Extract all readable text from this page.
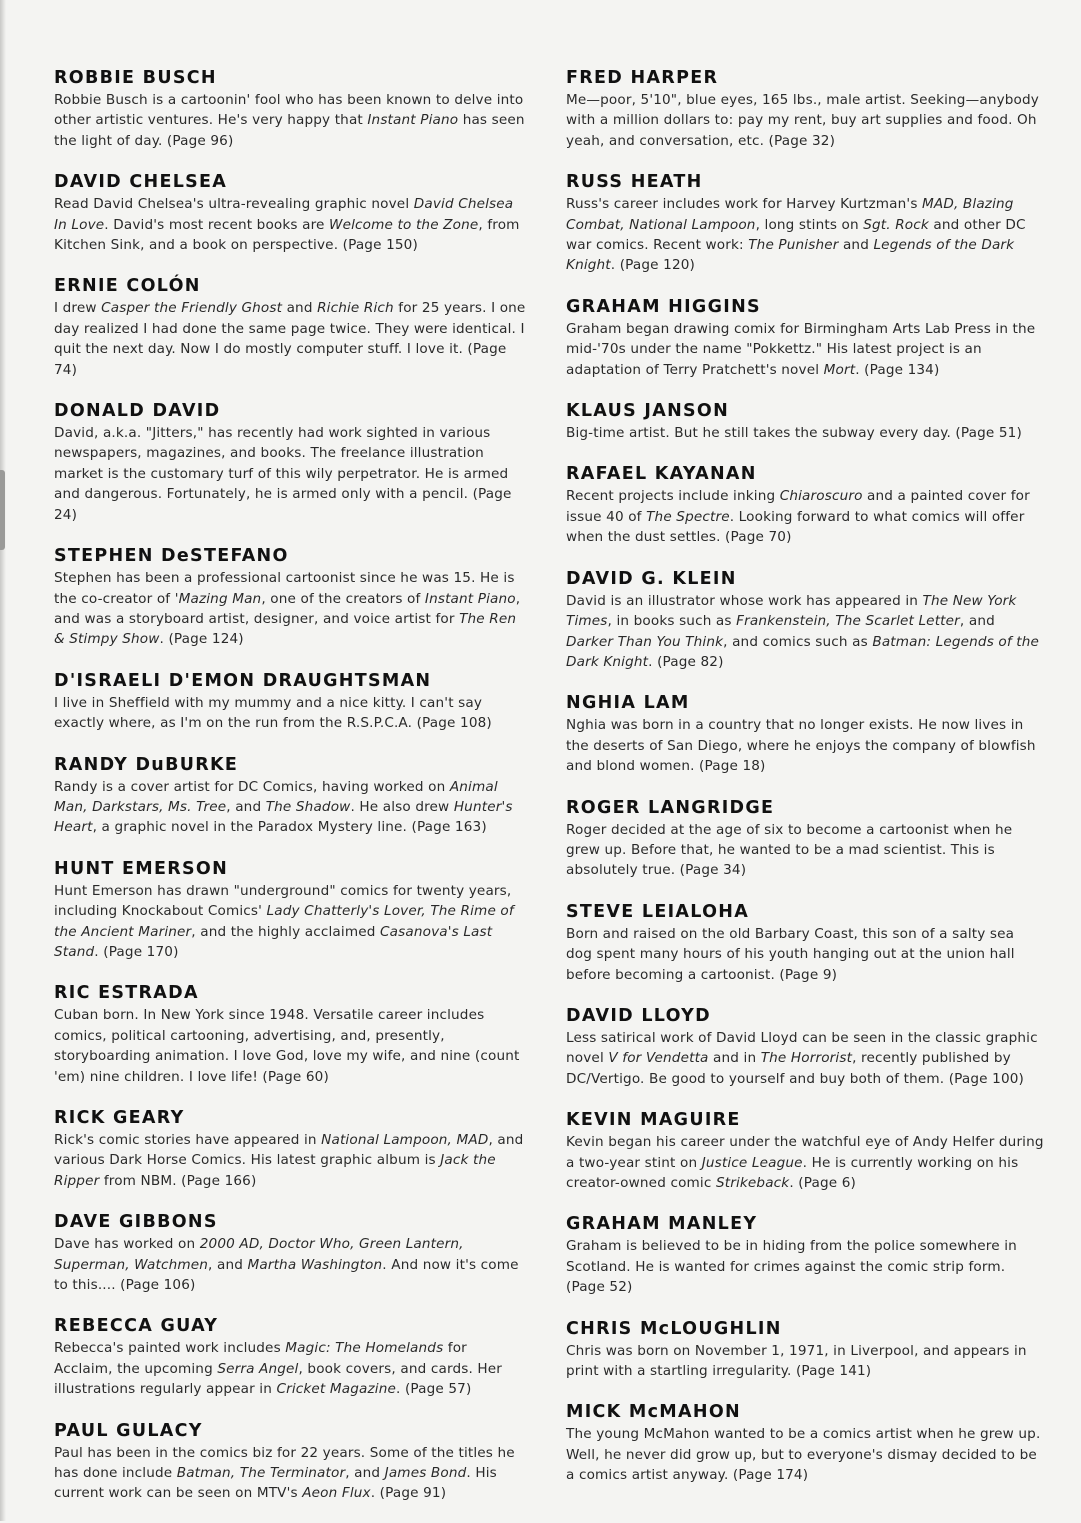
ROBBIE BUSCH

Robbie Busch is a cartoonin' fool who has been known to delve into other artistic ventures. He's very happy that Instant Piano has seen the light of day. (Page 96)

DAVID CHELSEA

Read David Chelsea's ultra-revealing graphic novel David Chelsea In Love. David's most recent books are Welcome to the Zone, from Kitchen Sink, and a book on perspective. (Page 150)

ERNIE COLÓN

I drew Casper the Friendly Ghost and Richie Rich for 25 years. I one day realized I had done the same page twice. They were identical. I quit the next day. Now I do mostly computer stuff. I love it. (Page 74)

DONALD DAVID

David, a.k.a. "Jitters," has recently had work sighted in various newspapers, magazines, and books. The freelance illustration market is the customary turf of this wily perpetrator. He is armed and dangerous. Fortunately, he is armed only with a pencil. (Page 24)

STEPHEN DeSTEFANO

Stephen has been a professional cartoonist since he was 15. He is the co-creator of 'Mazing Man, one of the creators of Instant Piano, and was a storyboard artist, designer, and voice artist for The Ren & Stimpy Show. (Page 124)

D'ISRAELI D'EMON DRAUGHTSMAN

I live in Sheffield with my mummy and a nice kitty. I can't say exactly where, as I'm on the run from the R.S.P.C.A. (Page 108)

RANDY DuBURKE

Randy is a cover artist for DC Comics, having worked on Animal Man, Darkstars, Ms. Tree, and The Shadow. He also drew Hunter's Heart, a graphic novel in the Paradox Mystery line. (Page 163)

HUNT EMERSON

Hunt Emerson has drawn "underground" comics for twenty years, including Knockabout Comics' Lady Chatterly's Lover, The Rime of the Ancient Mariner, and the highly acclaimed Casanova's Last Stand. (Page 170)

RIC ESTRADA

Cuban born. In New York since 1948. Versatile career includes comics, political cartooning, advertising, and, presently, storyboarding animation. I love God, love my wife, and nine (count 'em) nine children. I love life! (Page 60)

RICK GEARY

Rick's comic stories have appeared in National Lampoon, MAD, and various Dark Horse Comics. His latest graphic album is Jack the Ripper from NBM. (Page 166)

DAVE GIBBONS

Dave has worked on 2000 AD, Doctor Who, Green Lantern, Superman, Watchmen, and Martha Washington. And now it's come to this.... (Page 106)

REBECCA GUAY

Rebecca's painted work includes Magic: The Homelands for Acclaim, the upcoming Serra Angel, book covers, and cards. Her illustrations regularly appear in Cricket Magazine. (Page 57)

PAUL GULACY

Paul has been in the comics biz for 22 years. Some of the titles he has done include Batman, The Terminator, and James Bond. His current work can be seen on MTV's Aeon Flux. (Page 91)

FRED HARPER

Me—poor, 5'10", blue eyes, 165 lbs., male artist. Seeking—anybody with a million dollars to: pay my rent, buy art supplies and food. Oh yeah, and conversation, etc. (Page 32)

RUSS HEATH

Russ's career includes work for Harvey Kurtzman's MAD, Blazing Combat, National Lampoon, long stints on Sgt. Rock and other DC war comics. Recent work: The Punisher and Legends of the Dark Knight. (Page 120)

GRAHAM HIGGINS

Graham began drawing comix for Birmingham Arts Lab Press in the mid-'70s under the name "Pokkettz." His latest project is an adaptation of Terry Pratchett's novel Mort. (Page 134)

KLAUS JANSON

Big-time artist. But he still takes the subway every day. (Page 51)

RAFAEL KAYANAN

Recent projects include inking Chiaroscuro and a painted cover for issue 40 of The Spectre. Looking forward to what comics will offer when the dust settles. (Page 70)

DAVID G. KLEIN

David is an illustrator whose work has appeared in The New York Times, in books such as Frankenstein, The Scarlet Letter, and Darker Than You Think, and comics such as Batman: Legends of the Dark Knight. (Page 82)

NGHIA LAM

Nghia was born in a country that no longer exists. He now lives in the deserts of San Diego, where he enjoys the company of blowfish and blond women. (Page 18)

ROGER LANGRIDGE

Roger decided at the age of six to become a cartoonist when he grew up. Before that, he wanted to be a mad scientist. This is absolutely true. (Page 34)

STEVE LEIALOHA

Born and raised on the old Barbary Coast, this son of a salty sea dog spent many hours of his youth hanging out at the union hall before becoming a cartoonist. (Page 9)

DAVID LLOYD

Less satirical work of David Lloyd can be seen in the classic graphic novel V for Vendetta and in The Horrorist, recently published by DC/Vertigo. Be good to yourself and buy both of them. (Page 100)

KEVIN MAGUIRE

Kevin began his career under the watchful eye of Andy Helfer during a two-year stint on Justice League. He is currently working on his creator-owned comic Strikeback. (Page 6)

GRAHAM MANLEY

Graham is believed to be in hiding from the police somewhere in Scotland. He is wanted for crimes against the comic strip form. (Page 52)

CHRIS McLOUGHLIN

Chris was born on November 1, 1971, in Liverpool, and appears in print with a startling irregularity. (Page 141)

MICK McMAHON

The young McMahon wanted to be a comics artist when he grew up. Well, he never did grow up, but to everyone's dismay decided to be a comics artist anyway. (Page 174)
